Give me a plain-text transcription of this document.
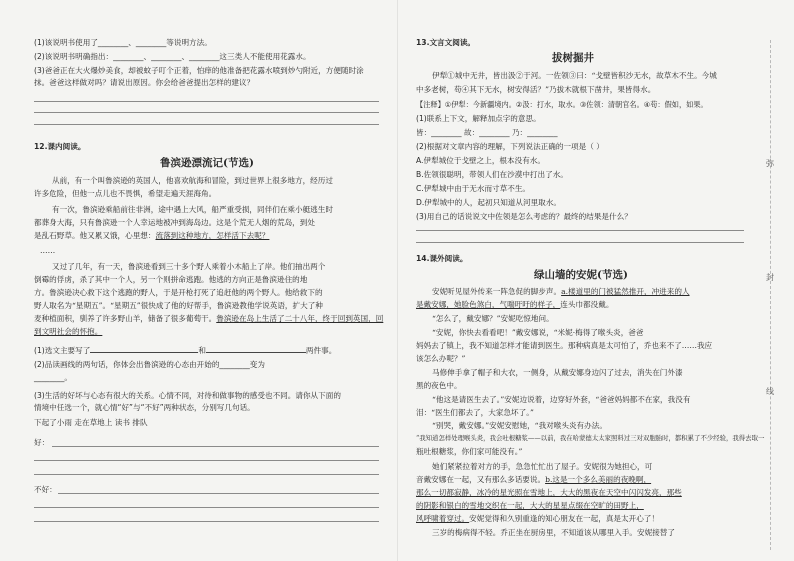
(1)该说明书使用了________、________等说明方法。
(2)该说明书明确指出：________、________、________这三类人不能使用花露水。
(3)爸爸正在大火爆炒美食，却被蚊子叮个正着，怕痒的他准备把花露水喷到炒勺附近，方便随时涂
抹。爸爸这样做对吗？请说出原因。你会给爸爸提出怎样的建议？
12.课内阅读。
鲁滨逊漂流记(节选)
从前，有一个叫鲁滨逊的英国人，他喜欢航海和冒险，到过世界上很多地方，经历过
许多危险，但他一点儿也不畏惧，希望走遍天涯海角。
有一次，鲁滨逊乘船前往非洲，途中遇上大风，船严重受损，同伴们在乘小艇逃生时
都葬身大海，只有鲁滨逊一个人幸运地被冲到海岛边。这是个荒无人烟的荒岛，到处
是乱石野草。他又累又饿，心里想：流落到这种地方，怎样活下去呢？
……
又过了几年，有一天，鲁滨逊看到三十多个野人乘着小木船上了岸。他们抽出两个
倒霉的俘虏，杀了其中一个人，另一个则拼命逃跑。他逃的方向正是鲁滨逊住的地
方。鲁滨逊决心救下这个逃跑的野人，于是开枪打死了追赶他的两个野人。他给救下的
野人取名为“星期五”。“星期五”很快成了他的好帮手，鲁滨逊教他学说英语，扩大了种
麦种植面积，驯养了许多野山羊，储备了很多葡萄干。鲁滨逊在岛上生活了二十八年，终于回到英国，回
到文明社会的怀抱。
(1)选文主要写了	和	两件事。
(2)品读画线的两句话，你体会出鲁滨逊的心态由开始的________变为
________。
(3)生活的好坏与心态有很大的关系。心情不同，对待和做事物的感受也不同。请你从下面的
情境中任选一个，就心情“好”与“不好”两种状态，分别写几句话。
下起了小雨 走在草地上 读书 排队
好：
不好：
13.文言文阅读。
拔树掘井
伊犁①城中无井，皆出汲②于河。一佐领③曰：“戈壁皆积沙无水，故草木不生。今城
中多老树，苟④其下无水，树安得活？”乃拔木就根下凿井，果皆得水。
【注释】①伊犁：今新疆境内。②汲：打水，取水。③佐领：清朝官名。④苟：假如，如果。
(1)联系上下文，解释加点字的意思。
皆：________ 故：________ 乃：________
(2)根据对文章内容的理解，下列说法正确的一项是（ ）
A.伊犁城位于戈壁之上，根本没有水。
B.佐领很聪明，带领人们在沙漠中打出了水。
C.伊犁城中由于无水而寸草不生。
D.伊犁城中的人，起初只知道从河里取水。
(3)用自己的话说说文中佐领是怎么考虑的？最终的结果是什么？
14.课外阅读。
绿山墙的安妮(节选)
安妮听见屋外传来一阵急促的脚步声。a.楼道里的门被猛然推开，冲进来的人
是戴安娜，她脸色煞白，气喘吁吁的样子，连头巾都没戴。
“怎么了，戴安娜？”安妮吃惊地问。
“安妮，你快去看看吧！”戴安娜说，“米妮·梅得了喉头炎，爸爸
妈妈去了镇上，我不知道怎样才能请到医生。那种病真是太可怕了，乔也来不了……我应
该怎么办呢？”
马修伸手拿了帽子和大衣，一侧身，从戴安娜身边闪了过去，消失在门外漆
黑的夜色中。
“他这是请医生去了。”安妮边说着，边穿好外套，“爸爸妈妈都不在家，我没有
泪：“医生们都去了，大家急坏了。”
“别哭，戴安娜。”安妮安慰她，“我对喉头炎有办法。
“我知道怎样处理喉头炎，我会吐根糖浆——以前，我在哈蒙德太太家照料过三对双胞胎时，都积累了不少经验，我得去取一
瓶吐根糖浆，你们家可能没有。”
她们紧紧拉着对方的手，急急忙忙出了屋子。安妮很为她担心，可
音戴安娜在一起，又有那么多话要说。b.这是一个多么美丽的夜晚啊，
那么一切都寂静，冰冷的星光照在雪地上，大大的黑夜在天空中闪闪发亮，那些
的阴影和银白的雪地交织在一起，大大的星星点缀在空旷的田野上，
风呼啸着穿过。安妮觉得和久别重逢的知心朋友在一起，真是太开心了！
三岁的梅病得不轻。乔正坐在厨房里，不知道该从哪里入手。安妮接替了
弥
封
线
